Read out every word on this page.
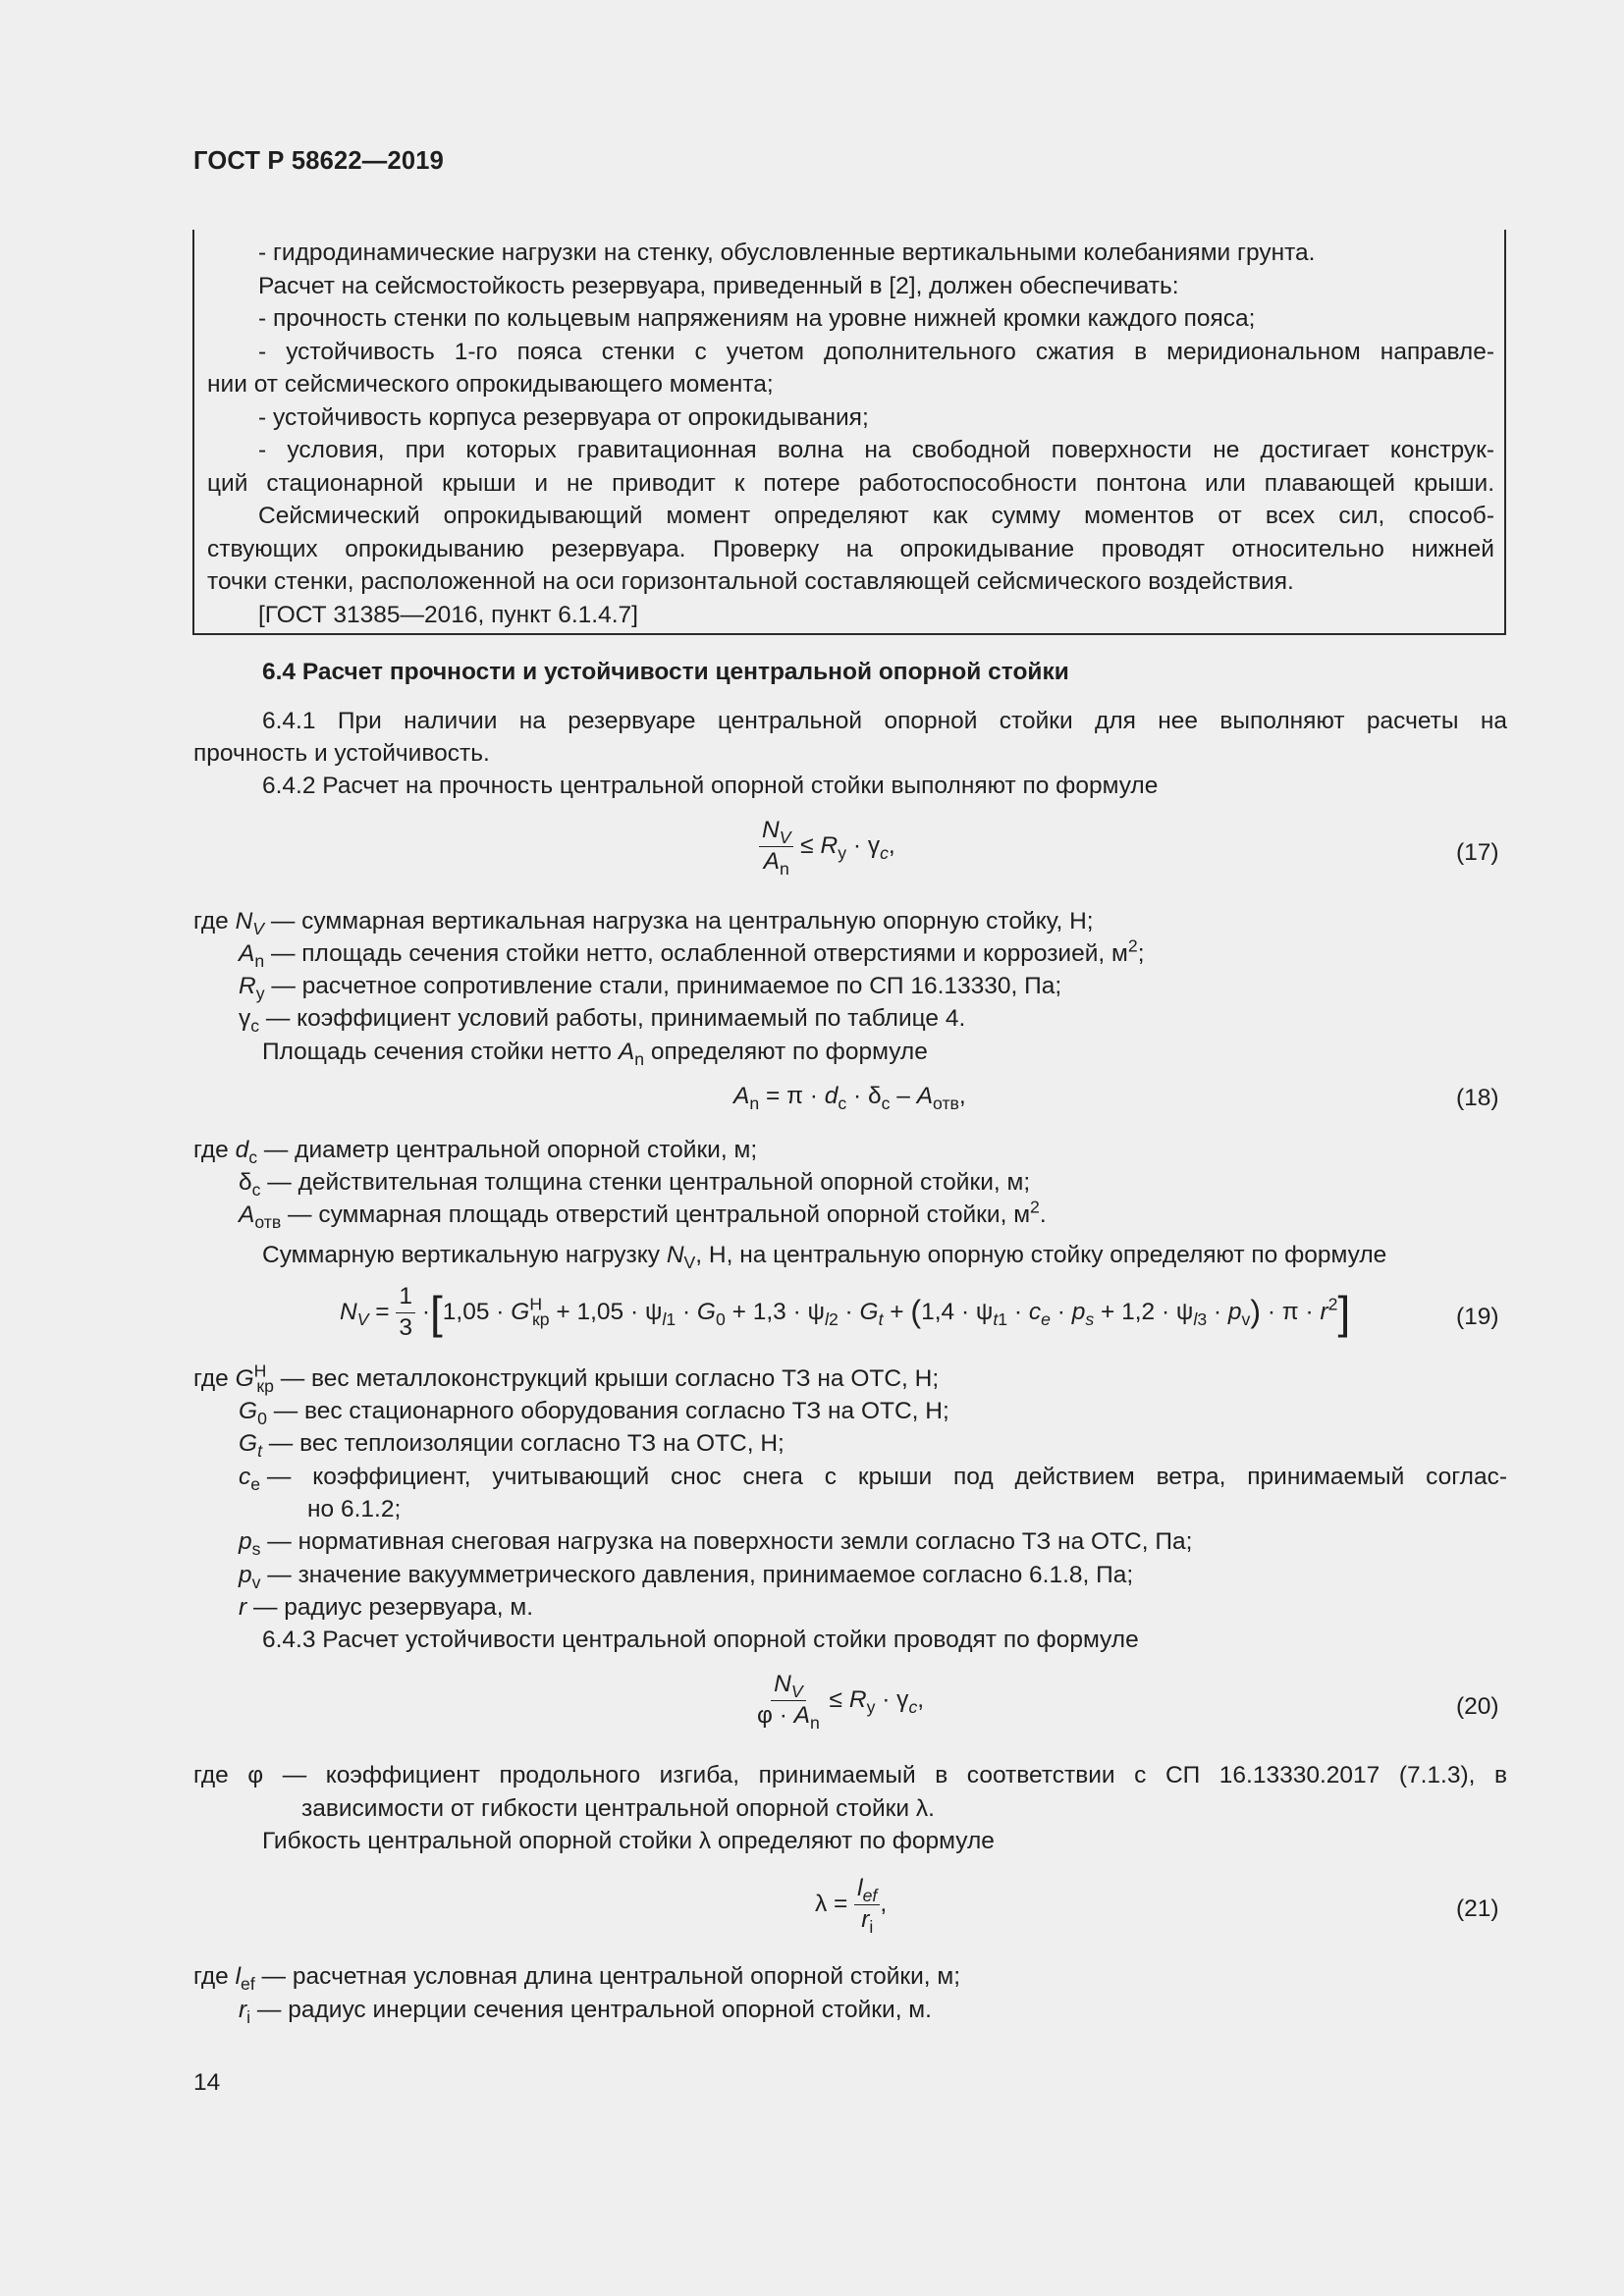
ГОСТ Р 58622—2019
- гидродинамические нагрузки на стенку, обусловленные вертикальными колебаниями грунта.
Расчет на сейсмостойкость резервуара, приведенный в [2], должен обеспечивать:
- прочность стенки по кольцевым напряжениям на уровне нижней кромки каждого пояса;
- устойчивость 1-го пояса стенки с учетом дополнительного сжатия в меридиональном направле-
нии от сейсмического опрокидывающего момента;
- устойчивость корпуса резервуара от опрокидывания;
- условия, при которых гравитационная волна на свободной поверхности не достигает конструк-
ций стационарной крыши и не приводит к потере работоспособности понтона или плавающей крыши.
Сейсмический опрокидывающий момент определяют как сумму моментов от всех сил, способ-
ствующих опрокидыванию резервуара. Проверку на опрокидывание проводят относительно нижней
точки стенки, расположенной на оси горизонтальной составляющей сейсмического воздействия.
[ГОСТ 31385—2016, пункт 6.1.4.7]
6.4 Расчет прочности и устойчивости центральной опорной стойки
6.4.1 При наличии на резервуаре центральной опорной стойки для нее выполняют расчеты на
прочность и устойчивость.
6.4.2 Расчет на прочность центральной опорной стойки выполняют по формуле
$\frac{N_V}{A_n} \le R_y \cdot \gamma_c$,	(17)
где $N_V$ — суммарная вертикальная нагрузка на центральную опорную стойку, Н;
$A_n$ — площадь сечения стойки нетто, ослабленной отверстиями и коррозией, $м^2$;
$R_y$ — расчетное сопротивление стали, принимаемое по СП 16.13330, Па;
$\gamma_c$ — коэффициент условий работы, принимаемый по таблице 4.
Площадь сечения стойки нетто $A_n$ определяют по формуле
$A_n = \pi \cdot d_c \cdot \delta_c - A_{отв}$,	(18)
где $d_c$ — диаметр центральной опорной стойки, м;
$\delta_c$ — действительная толщина стенки центральной опорной стойки, м;
$A_{отв}$ — суммарная площадь отверстий центральной опорной стойки, $м^2$.
Суммарную вертикальную нагрузку $N_V$, Н, на центральную опорную стойку определяют по формуле
$N_V = \frac{1}{3}$ · [ $1,05 \cdot G^Н_{кр} + 1,05 \cdot \psi_{l1} \cdot G_0 + 1,3 \cdot \psi_{l2} \cdot G_t$ + ( $1,4 \cdot \psi_{t1} \cdot c_e \cdot p_s + 1,2 \cdot \psi_{l3} \cdot p_v$ ) · $\pi \cdot r^2$ ]	(19)
где $G^Н_{кр}$ — вес металлоконструкций крыши согласно ТЗ на ОТС, Н;
$G_0$ — вес стационарного оборудования согласно ТЗ на ОТС, Н;
$G_t$ — вес теплоизоляции согласно ТЗ на ОТС, Н;
$c_e$ — коэффициент, учитывающий снос снега с крыши под действием ветра, принимаемый соглас-
но 6.1.2;
$p_s$ — нормативная снеговая нагрузка на поверхности земли согласно ТЗ на ОТС, Па;
$p_v$ — значение вакуумметрического давления, принимаемое согласно 6.1.8, Па;
r — радиус резервуара, м.
6.4.3 Расчет устойчивости центральной опорной стойки проводят по формуле
$\frac{N_V}{\varphi \cdot A_n} \le R_y \cdot \gamma_c$,	(20)
где φ — коэффициент продольного изгиба, принимаемый в соответствии с СП 16.13330.2017 (7.1.3), в
зависимости от гибкости центральной опорной стойки λ.
Гибкость центральной опорной стойки λ определяют по формуле
$\lambda = \frac{l_{ef}}{r_i}$ ,	(21)
где $l_{ef}$ — расчетная условная длина центральной опорной стойки, м;
$r_i$ — радиус инерции сечения центральной опорной стойки, м.
14
